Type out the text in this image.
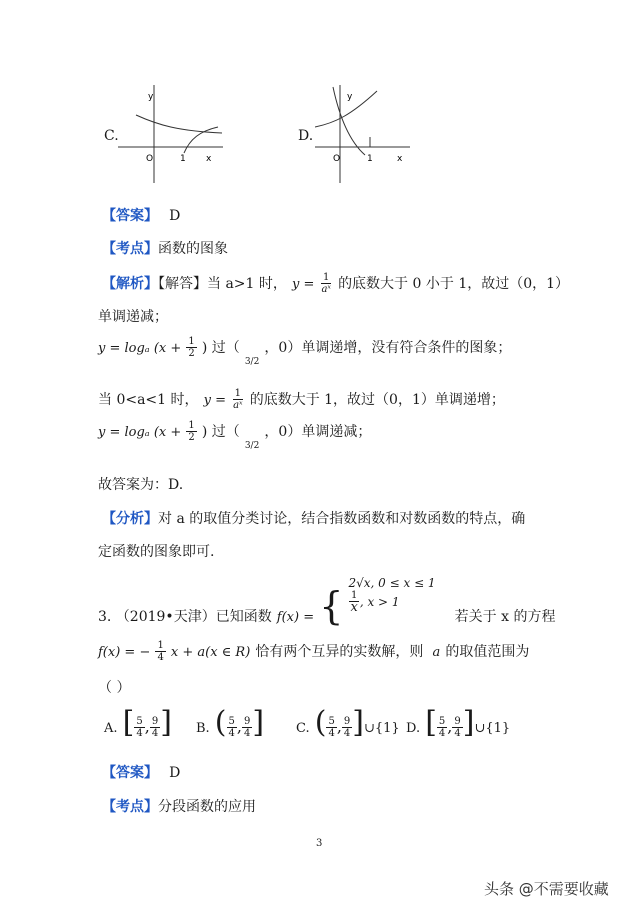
C.
y
O	1 x
D.
y
O	1	x
【答案】 D
【考点】函数的图象
【解析】【解答】当 a>1 时， $y = \frac{1}{\text{aˣ}}$ 的底数大于 0 小于 1，故过（0，1）
单调递减；
y = logₐ ($x + \frac{1}{2}$ ) 过（ $_{3/2}$ ，0）单调递增，没有符合条件的图象；
当 0<a<1 时， $y = \frac{1}{\text{aˣ}}$ 的底数大于 1，故过（0，1）单调递增；
y = logₐ ($x + \frac{1}{2}$ ) 过（ $_{3/2}$ ，0）单调递减；
故答案为：D.
【分析】对 a 的取值分类讨论，结合指数函数和对数函数的特点，确
定函数的图象即可.
3. （2019•天津）已知函数 $_{f(x) =}$ {
2√x, 0 ≤ x ≤ 1
$\frac{1}{x}$ , x > 1
若关于 x 的方程
f(x) = − $\frac{1}{4}$ x + a(x ∈ R) 恰有两个互异的实数解，则 a 的取值范围为
（ ）
A. [ $\frac{5}{4}$ , $\frac{9}{4}$ ] B. ( $\frac{5}{4}$ , $\frac{9}{4}$ ] C. ( $\frac{5}{4}$ , $\frac{9}{4}$ ]∪{1} D. [ $\frac{5}{4}$ , $\frac{9}{4}$ ]∪{1}
【答案】 D
【考点】分段函数的应用
3
头条 @不需要收藏
